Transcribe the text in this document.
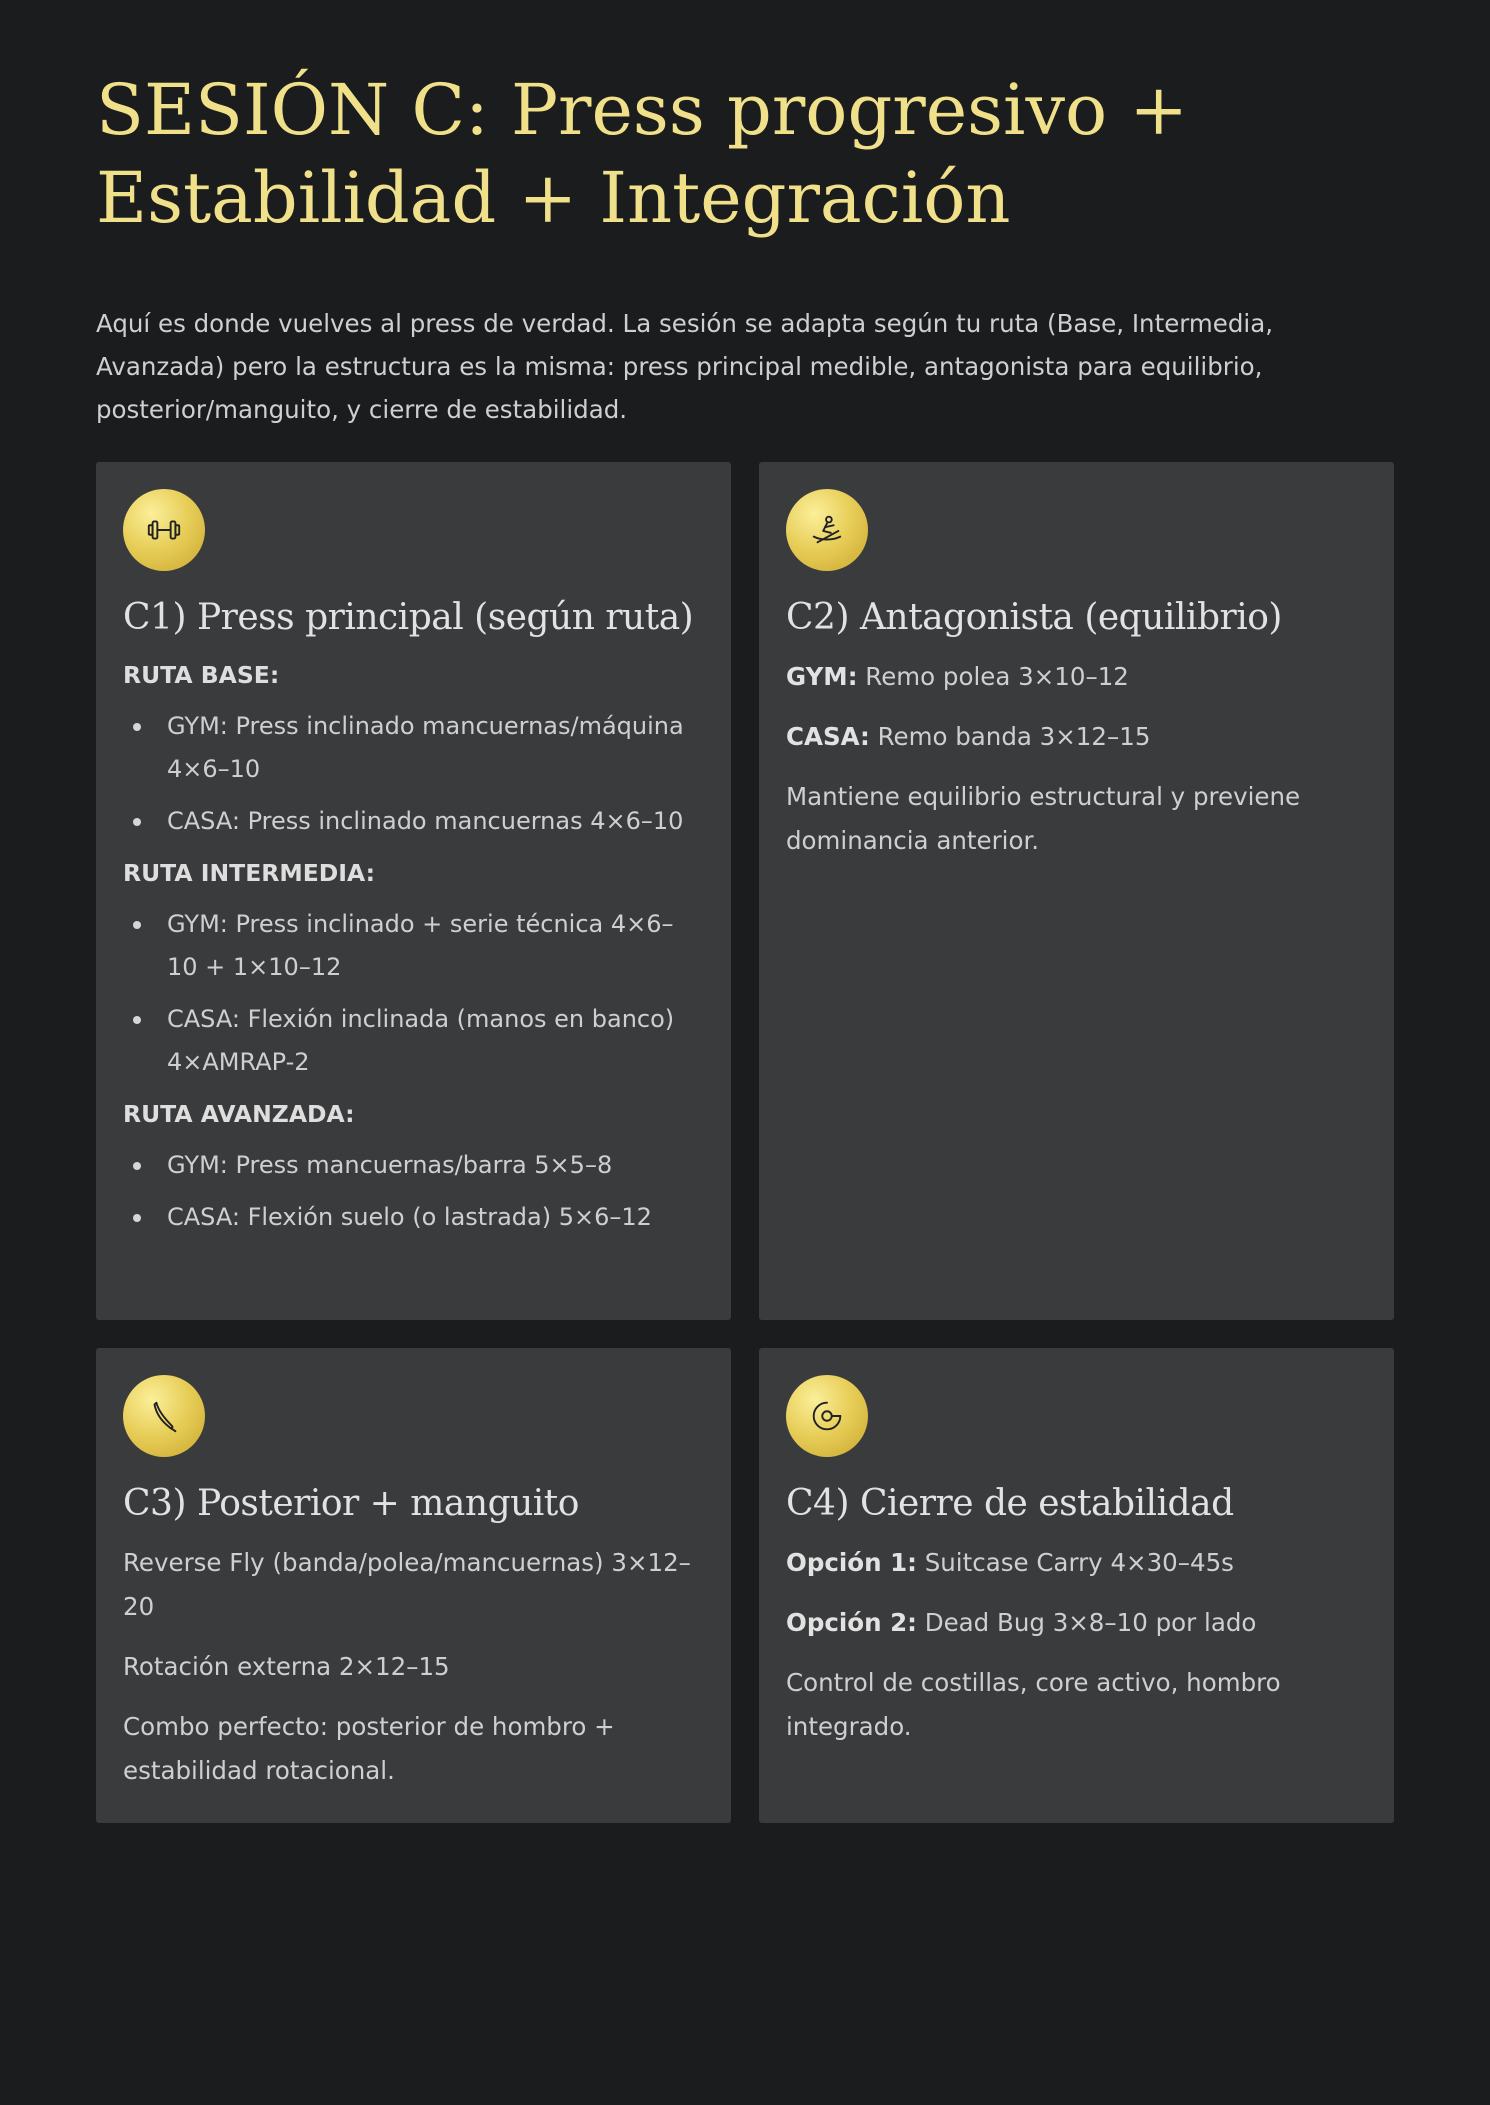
SESIÓN C: Press progresivo + Estabilidad + Integración

Aquí es donde vuelves al press de verdad. La sesión se adapta según tu ruta (Base, Intermedia, Avanzada) pero la estructura es la misma: press principal medible, antagonista para equilibrio, posterior/manguito, y cierre de estabilidad.

C1) Press principal (según ruta)
RUTA BASE:
GYM: Press inclinado mancuernas/máquina 4×6–10
CASA: Press inclinado mancuernas 4×6–10
RUTA INTERMEDIA:
GYM: Press inclinado + serie técnica 4×6–10 + 1×10–12
CASA: Flexión inclinada (manos en banco) 4×AMRAP-2
RUTA AVANZADA:
GYM: Press mancuernas/barra 5×5–8
CASA: Flexión suelo (o lastrada) 5×6–12
C2) Antagonista (equilibrio)

GYM: Remo polea 3×10–12

CASA: Remo banda 3×12–15

Mantiene equilibrio estructural y previene dominancia anterior.

C3) Posterior + manguito

Reverse Fly (banda/polea/mancuernas) 3×12–20

Rotación externa 2×12–15

Combo perfecto: posterior de hombro + estabilidad rotacional.

C4) Cierre de estabilidad

Opción 1: Suitcase Carry 4×30–45s

Opción 2: Dead Bug 3×8–10 por lado

Control de costillas, core activo, hombro integrado.
